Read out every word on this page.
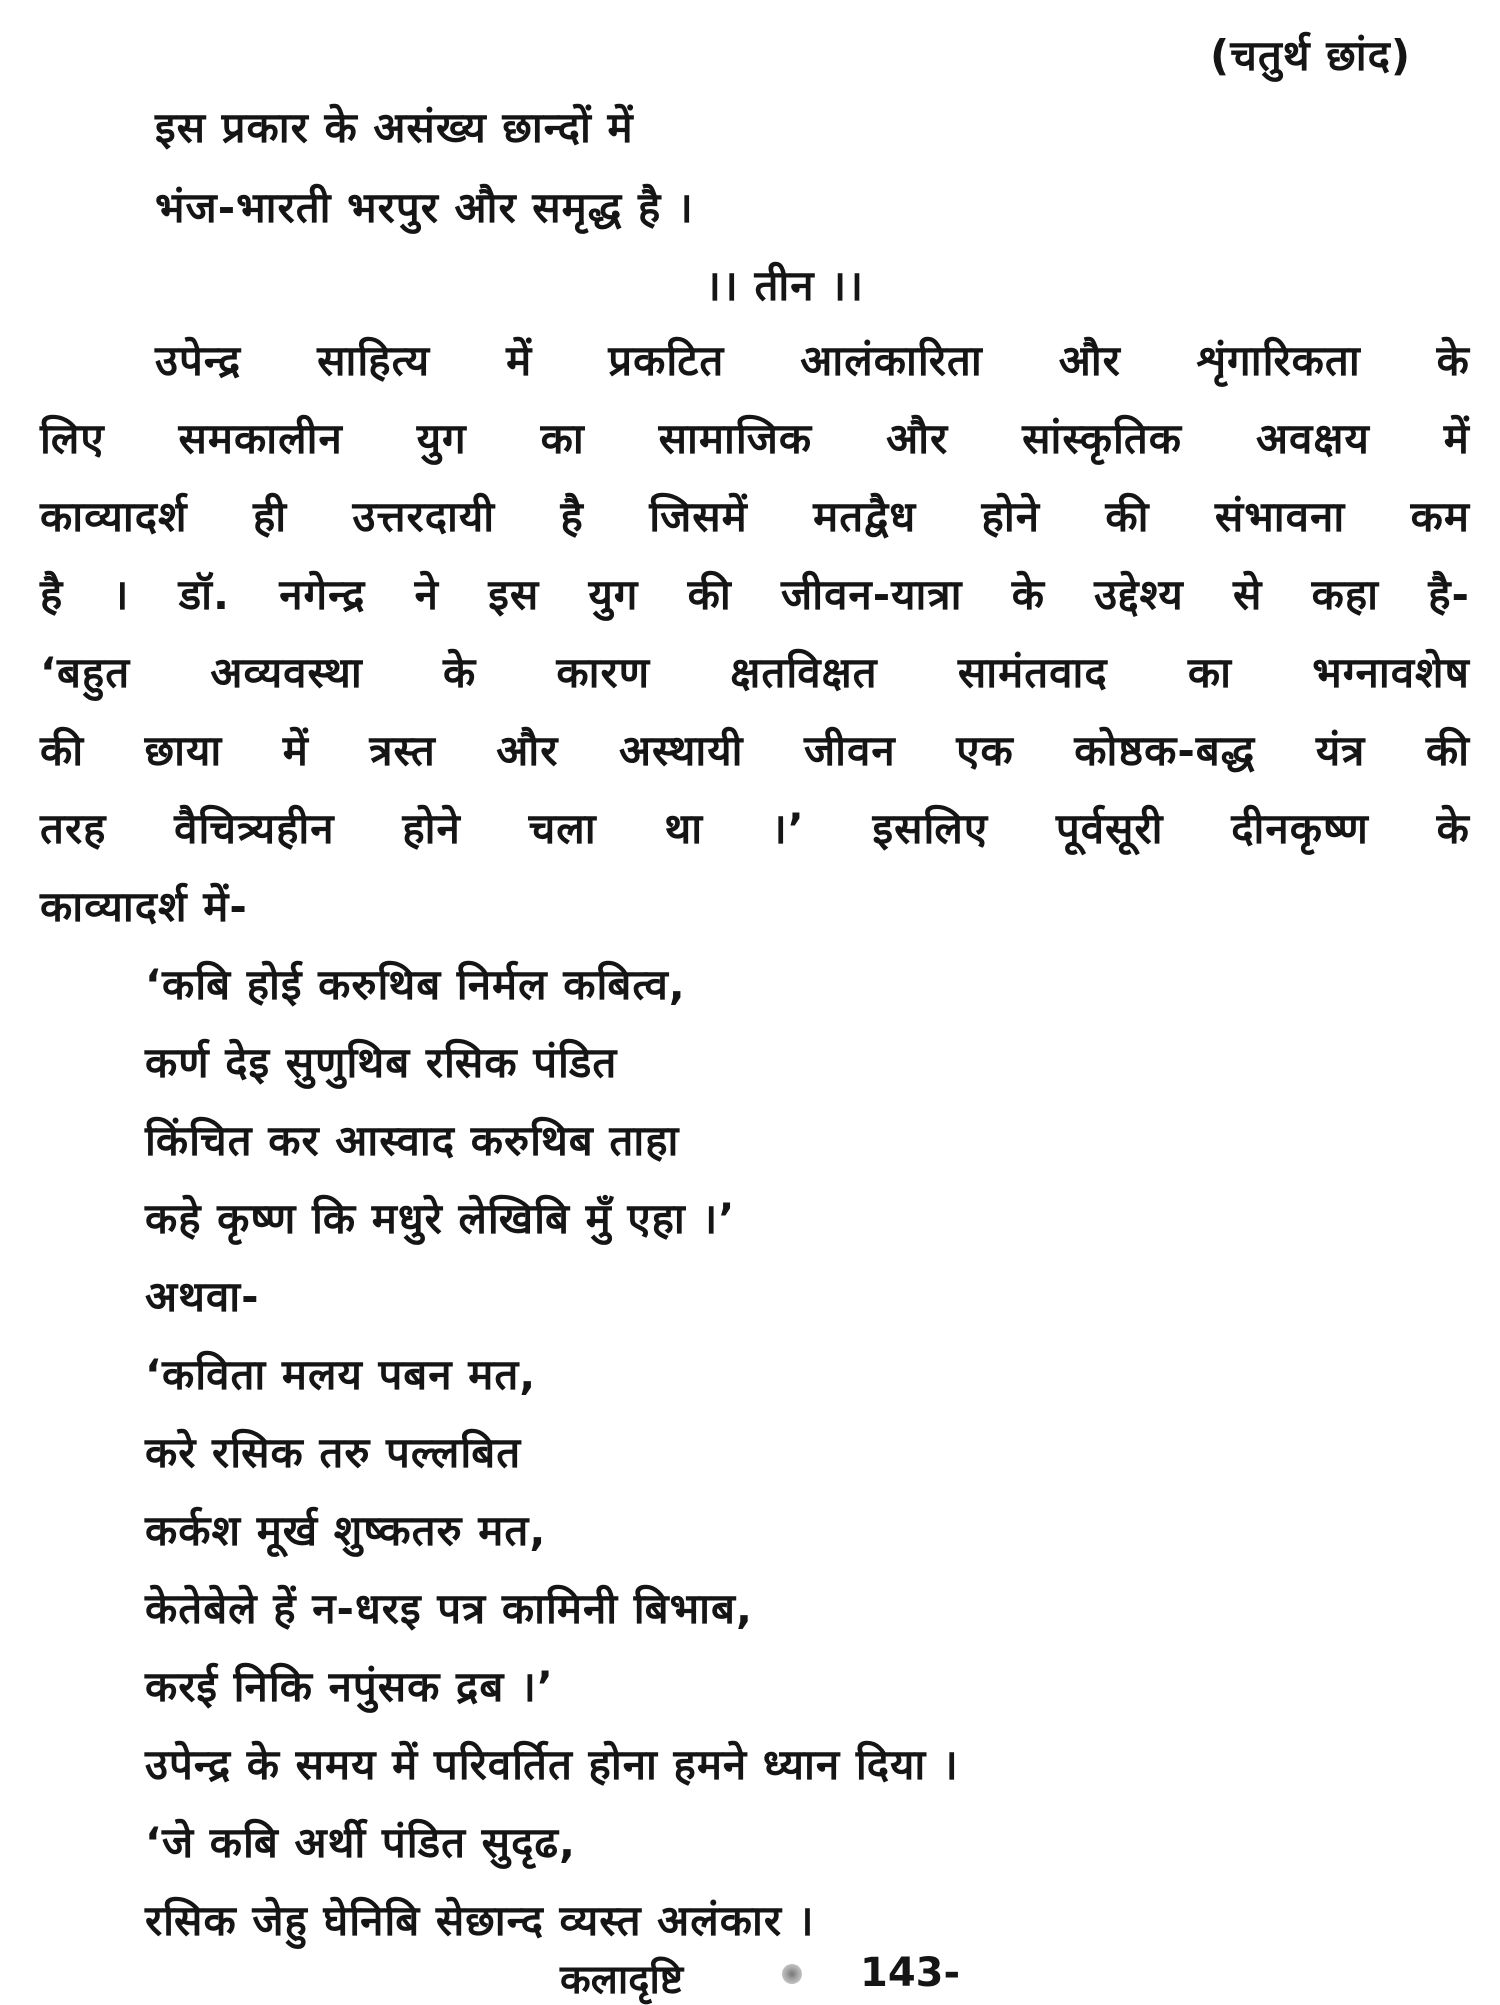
(चतुर्थ छांद)
इस प्रकार के असंख्य छान्दों में
भंज-भारती भरपुर और समृद्ध है ।
।। तीन ।।
उपेन्द्र साहित्य में प्रकटित आलंकारिता और शृंगारिकता के
लिए समकालीन युग का सामाजिक और सांस्कृतिक अवक्षय में
काव्यादर्श ही उत्तरदायी है जिसमें मतद्वैध होने की संभावना कम
है । डॉ. नगेन्द्र ने इस युग की जीवन-यात्रा के उद्देश्य से कहा है-
‘बहुत अव्यवस्था के कारण क्षतविक्षत सामंतवाद का भग्नावशेष
की छाया में त्रस्त और अस्थायी जीवन एक कोष्ठक-बद्ध यंत्र की
तरह वैचित्र्यहीन होने चला था ।’ इसलिए पूर्वसूरी दीनकृष्ण के
काव्यादर्श में-
‘कबि होई करुथिब निर्मल कबित्व,
कर्ण देइ सुणुथिब रसिक पंडित
किंचित कर आस्वाद करुथिब ताहा
कहे कृष्ण कि मधुरे लेखिबि मुँ एहा ।’
अथवा-
‘कविता मलय पबन मत,
करे रसिक तरु पल्लबित
कर्कश मूर्ख शुष्कतरु मत,
केतेबेले हें न-धरइ पत्र कामिनी बिभाब,
करई निकि नपुंसक द्रब ।’
उपेन्द्र के समय में परिवर्तित होना हमने ध्यान दिया ।
‘जे कबि अर्थी पंडित सुदृढ,
रसिक जेहु घेनिबि सेछान्द व्यस्त अलंकार ।
कलादृष्टि	143-
